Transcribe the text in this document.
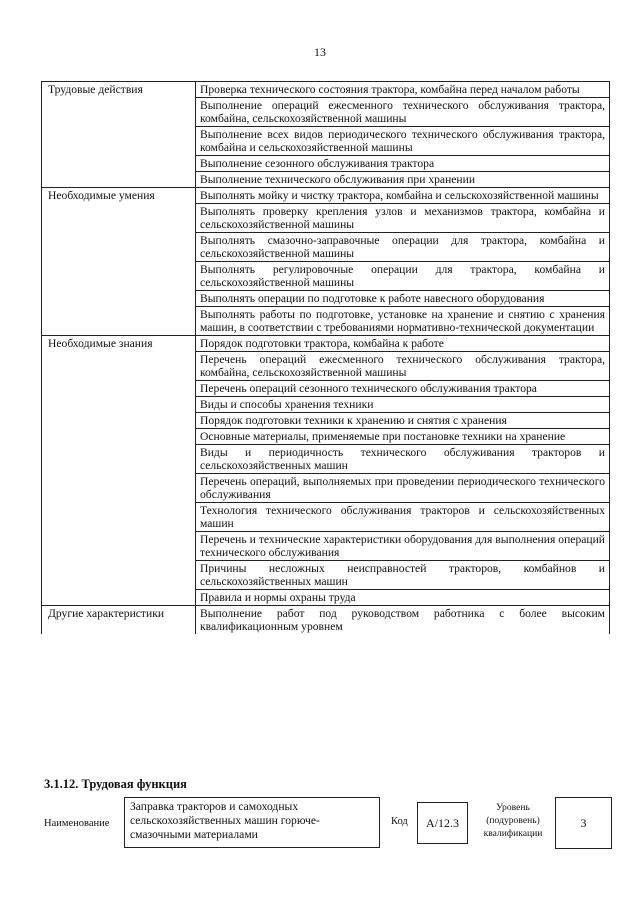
13
Трудовые действия	Проверка технического состояния трактора, комбайна перед началом работы
	Выполнение операций ежесменного технического обслуживания трактора, комбайна, сельскохозяйственной машины
	Выполнение всех видов периодического технического обслуживания трактора, комбайна и сельскохозяйственной машины
	Выполнение сезонного обслуживания трактора
	Выполнение технического обслуживания при хранении
Необходимые умения	Выполнять мойку и чистку трактора, комбайна и сельскохозяйственной машины
	Выполнять проверку крепления узлов и механизмов трактора, комбайна и сельскохозяйственной машины
	Выполнять смазочно-заправочные операции для трактора, комбайна и сельскохозяйственной машины
	Выполнять регулировочные операции для трактора, комбайна и сельскохозяйственной машины
	Выполнять операции по подготовке к работе навесного оборудования
	Выполнять работы по подготовке, установке на хранение и снятию с хранения машин, в соответствии с требованиями нормативно-технической документации
Необходимые знания	Порядок подготовки трактора, комбайна к работе
	Перечень операций ежесменного технического обслуживания трактора, комбайна, сельскохозяйственной машины
	Перечень операций сезонного технического обслуживания трактора
	Виды и способы хранения техники
	Порядок подготовки техники к хранению и снятия с хранения
	Основные материалы, применяемые при постановке техники на хранение
	Виды и периодичность технического обслуживания тракторов и сельскохозяйственных машин
	Перечень операций, выполняемых при проведении периодического технического обслуживания
	Технология технического обслуживания тракторов и сельскохозяйственных машин
	Перечень и технические характеристики оборудования для выполнения операций технического обслуживания
	Причины несложных неисправностей тракторов, комбайнов и сельскохозяйственных машин
	Правила и нормы охраны труда
Другие характеристики	Выполнение работ под руководством работника с более высоким квалификационным уровнем
3.1.12. Трудовая функция
Наименование
Заправка тракторов и самоходных сельскохозяйственных машин горюче-смазочными материалами
Код	A/12.3
Уровень (подуровень) квалификации
3
